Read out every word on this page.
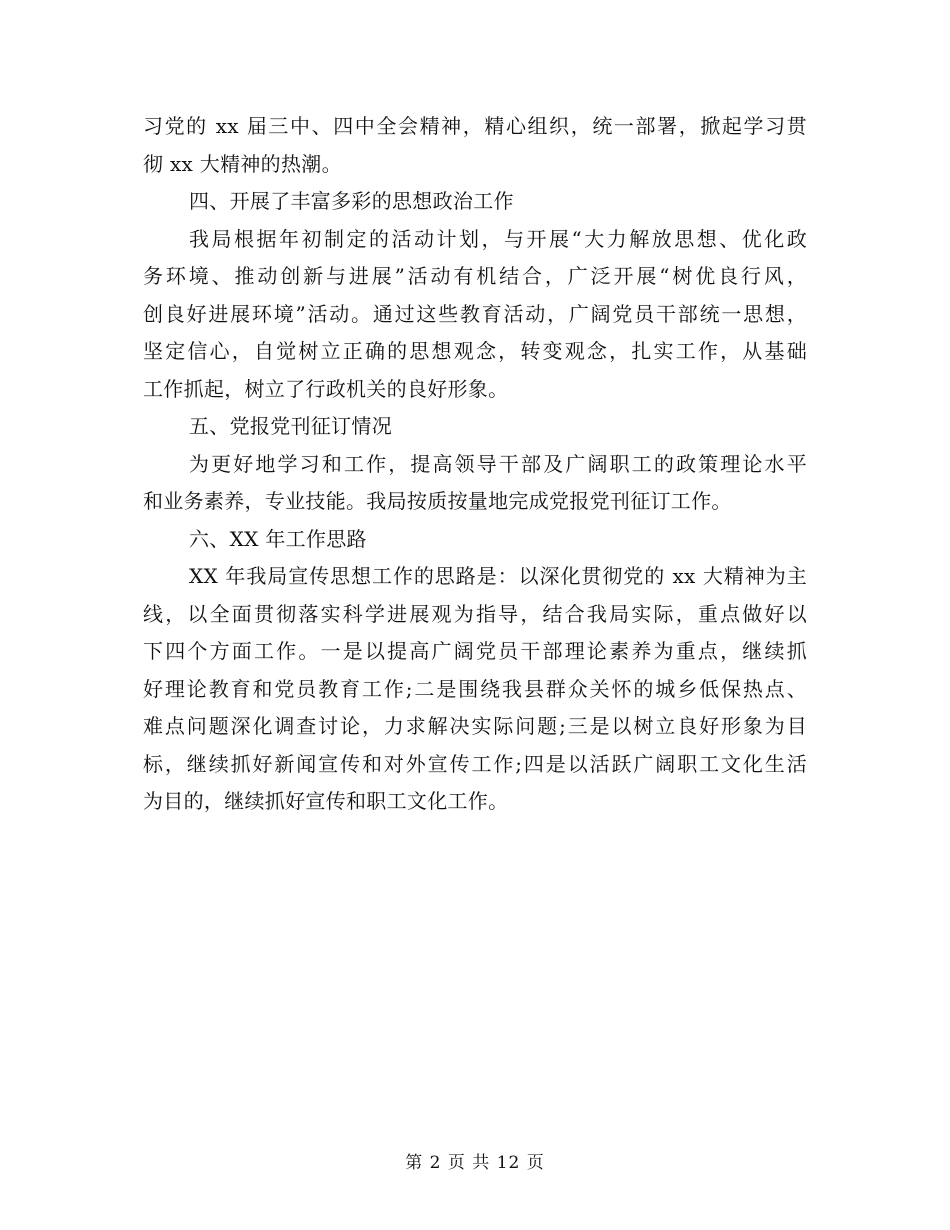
习党的 xx 届三中、四中全会精神，精心组织，统一部署，掀起学习贯
彻 xx 大精神的热潮。
四、开展了丰富多彩的思想政治工作
我局根据年初制定的活动计划，与开展“大力解放思想、优化政
务环境、推动创新与进展”活动有机结合，广泛开展“树优良行风，
创良好进展环境”活动。通过这些教育活动，广阔党员干部统一思想，
坚定信心，自觉树立正确的思想观念，转变观念，扎实工作，从基础
工作抓起，树立了行政机关的良好形象。
五、党报党刊征订情况
为更好地学习和工作，提高领导干部及广阔职工的政策理论水平
和业务素养，专业技能。我局按质按量地完成党报党刊征订工作。
六、XX 年工作思路
XX 年我局宣传思想工作的思路是：以深化贯彻党的 xx 大精神为主
线，以全面贯彻落实科学进展观为指导，结合我局实际，重点做好以
下四个方面工作。一是以提高广阔党员干部理论素养为重点，继续抓
好理论教育和党员教育工作;二是围绕我县群众关怀的城乡低保热点、
难点问题深化调查讨论，力求解决实际问题;三是以树立良好形象为目
标，继续抓好新闻宣传和对外宣传工作;四是以活跃广阔职工文化生活
为目的，继续抓好宣传和职工文化工作。
第 2 页 共 12 页
